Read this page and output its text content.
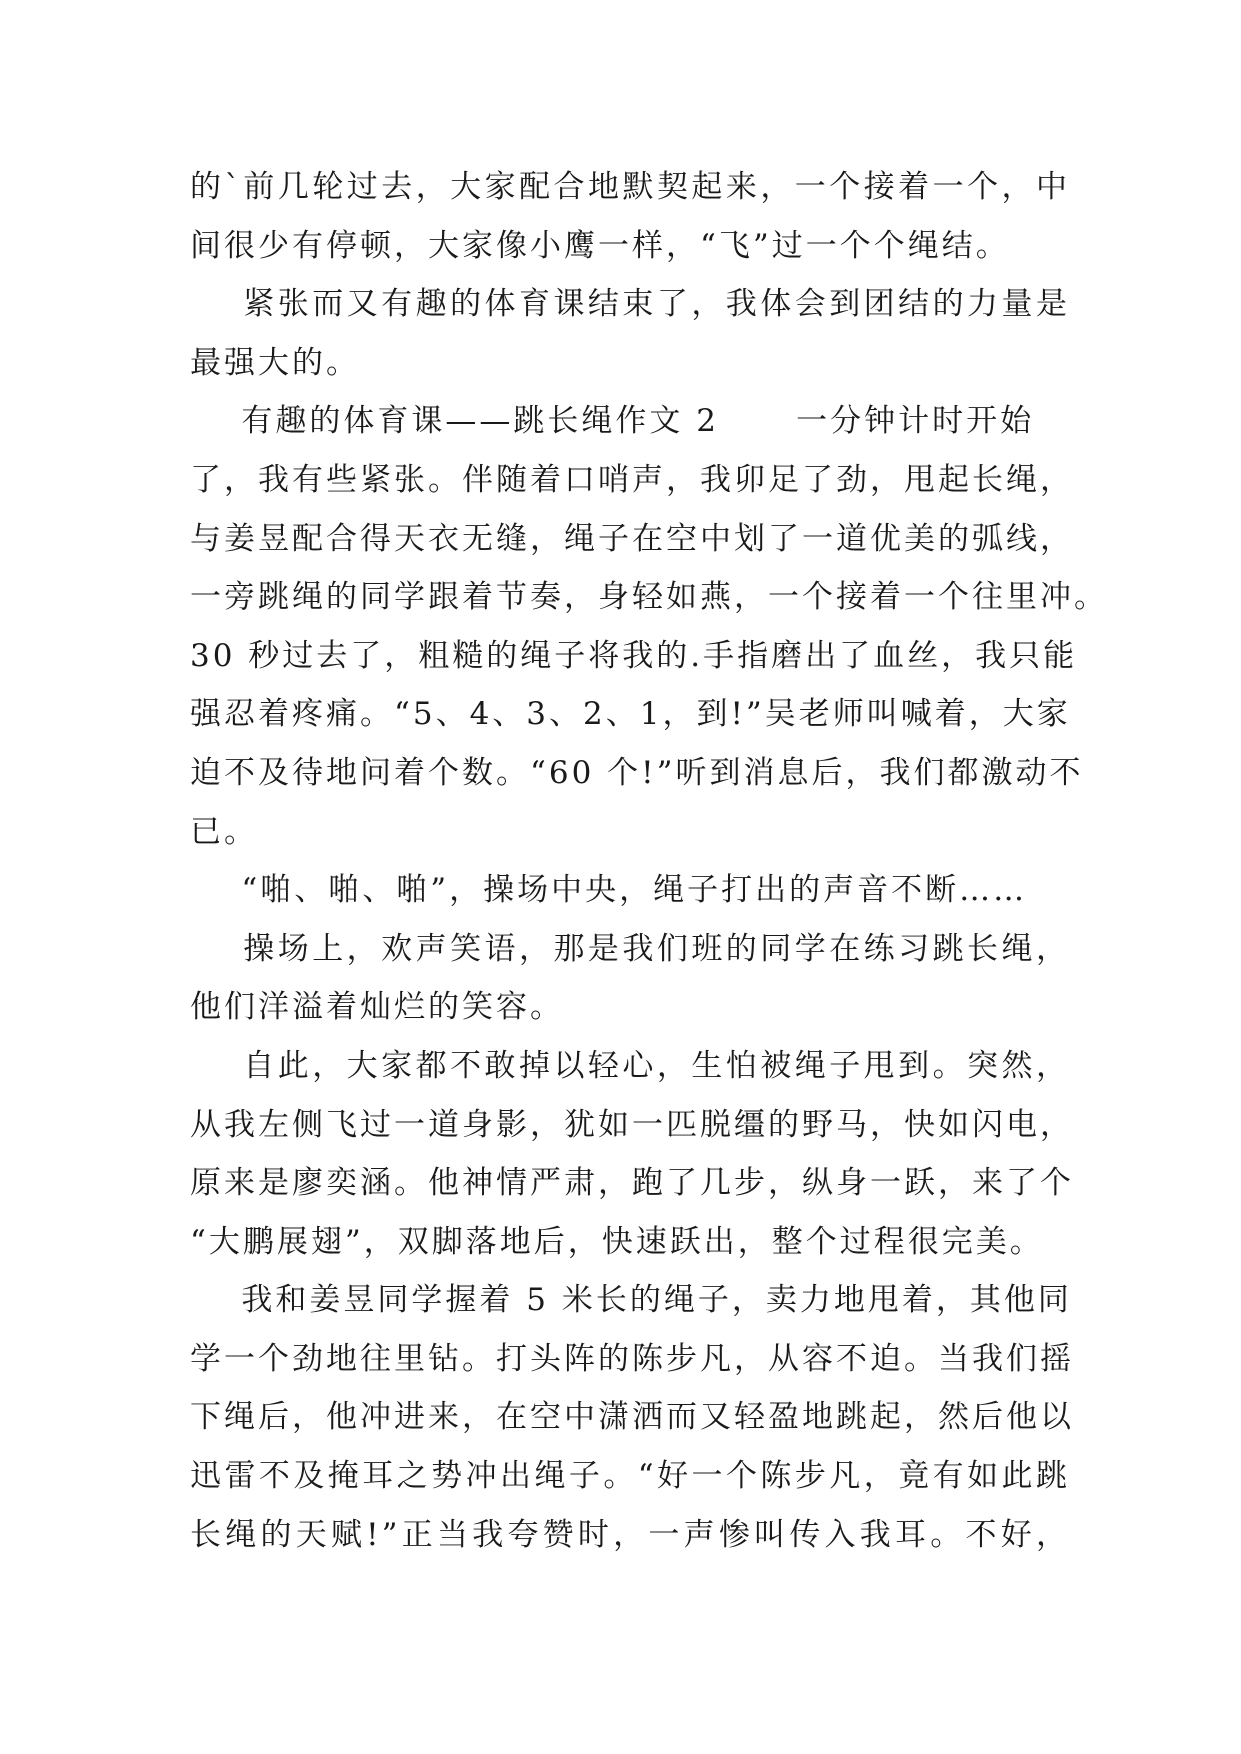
的`前几轮过去，大家配合地默契起来，一个接着一个，中
间很少有停顿，大家像小鹰一样，“飞”过一个个绳结。
紧张而又有趣的体育课结束了，我体会到团结的力量是
最强大的。
有趣的体育课——跳长绳作文 2      一分钟计时开始
了，我有些紧张。伴随着口哨声，我卯足了劲，甩起长绳，
与姜昱配合得天衣无缝，绳子在空中划了一道优美的弧线，
一旁跳绳的同学跟着节奏，身轻如燕，一个接着一个往里冲。
30 秒过去了，粗糙的绳子将我的.手指磨出了血丝，我只能
强忍着疼痛。“5、4、3、2、1，到!”吴老师叫喊着，大家
迫不及待地问着个数。“60 个!”听到消息后，我们都激动不
已。
“啪、啪、啪”，操场中央，绳子打出的声音不断……
操场上，欢声笑语，那是我们班的同学在练习跳长绳，
他们洋溢着灿烂的笑容。
自此，大家都不敢掉以轻心，生怕被绳子甩到。突然，
从我左侧飞过一道身影，犹如一匹脱缰的野马，快如闪电，
原来是廖奕涵。他神情严肃，跑了几步，纵身一跃，来了个
“大鹏展翅”，双脚落地后，快速跃出，整个过程很完美。
我和姜昱同学握着 5 米长的绳子，卖力地甩着，其他同
学一个劲地往里钻。打头阵的陈步凡，从容不迫。当我们摇
下绳后，他冲进来，在空中潇洒而又轻盈地跳起，然后他以
迅雷不及掩耳之势冲出绳子。“好一个陈步凡，竟有如此跳
长绳的天赋!”正当我夸赞时，一声惨叫传入我耳。不好，
